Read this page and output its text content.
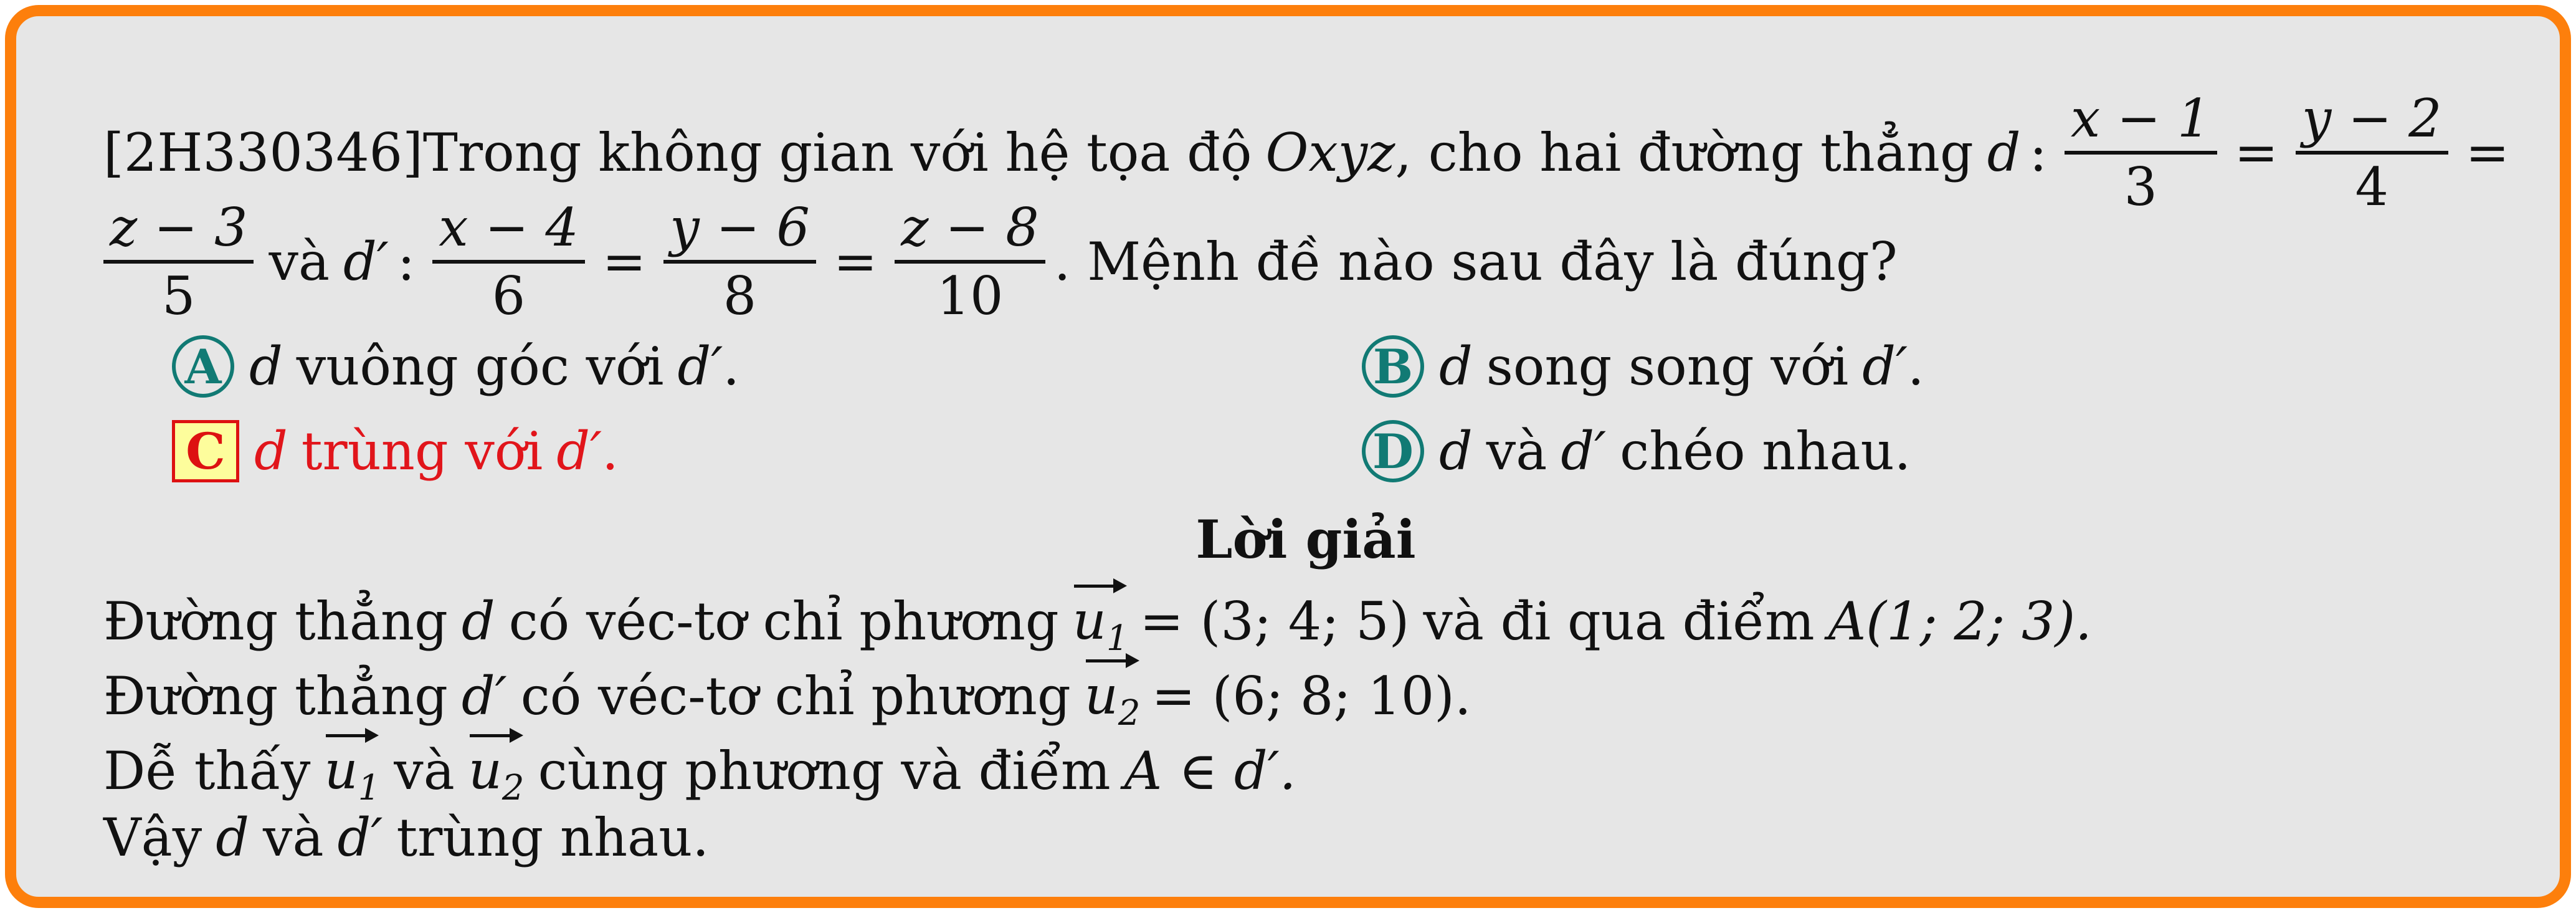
[2H330346] Trong không gian với hệ tọa độ Oxyz , cho hai đường thẳng d : $\frac{x - 1}{3} = \frac{y - 2}{4}$ =
$\frac{z - 3}{5}$ và d′ : $\frac{x - 4}{6} = \frac{y - 6}{8} = \frac{z - 8}{10}$ . Mệnh đề nào sau đây là đúng?
A d vuông góc với d′ .	B d song song với d′ .
C d trùng với d′ .	D d và d′ chéo nhau.
Lời giải
Đường thẳng d có véc-tơ chỉ phương $u_1 = (3$; 4; 5) và đi qua điểm A(1; 2; 3).
Đường thẳng d′ có véc-tơ chỉ phương $u_2 = (6$; 8; 10).
Dễ thấy $u_1$ và $u_2$ cùng phương và điểm A ∈ d′.
Vậy d và d′ trùng nhau.
